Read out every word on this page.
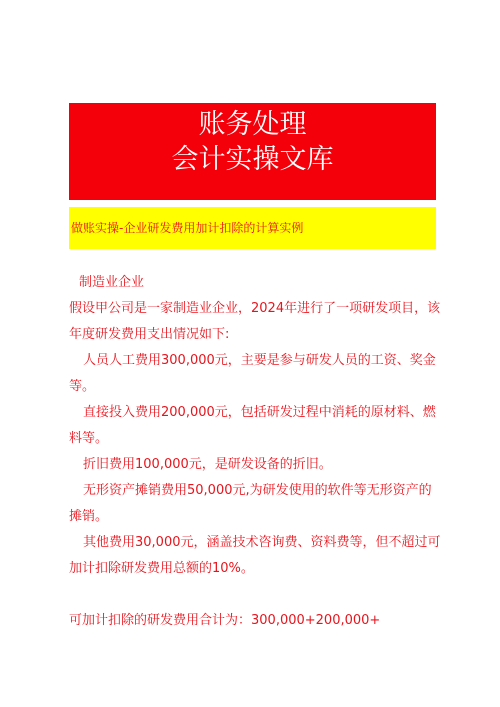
账务处理
会计实操文库
做账实操-企业研发费用加计扣除的计算实例

制造业企业

假设甲公司是一家制造业企业，2024年进行了一项研发项目，该年度研发费用支出情况如下:

人员人工费用300,000元，主要是参与研发人员的工资、奖金等。

直接投入费用200,000元，包括研发过程中消耗的原材料、燃料等。

折旧费用100,000元，是研发设备的折旧。

无形资产摊销费用50,000元,为研发使用的软件等无形资产的摊销。

其他费用30,000元，涵盖技术咨询费、资料费等，但不超过可加计扣除研发费用总额的10%。

可加计扣除的研发费用合计为：300,000+200,000+
